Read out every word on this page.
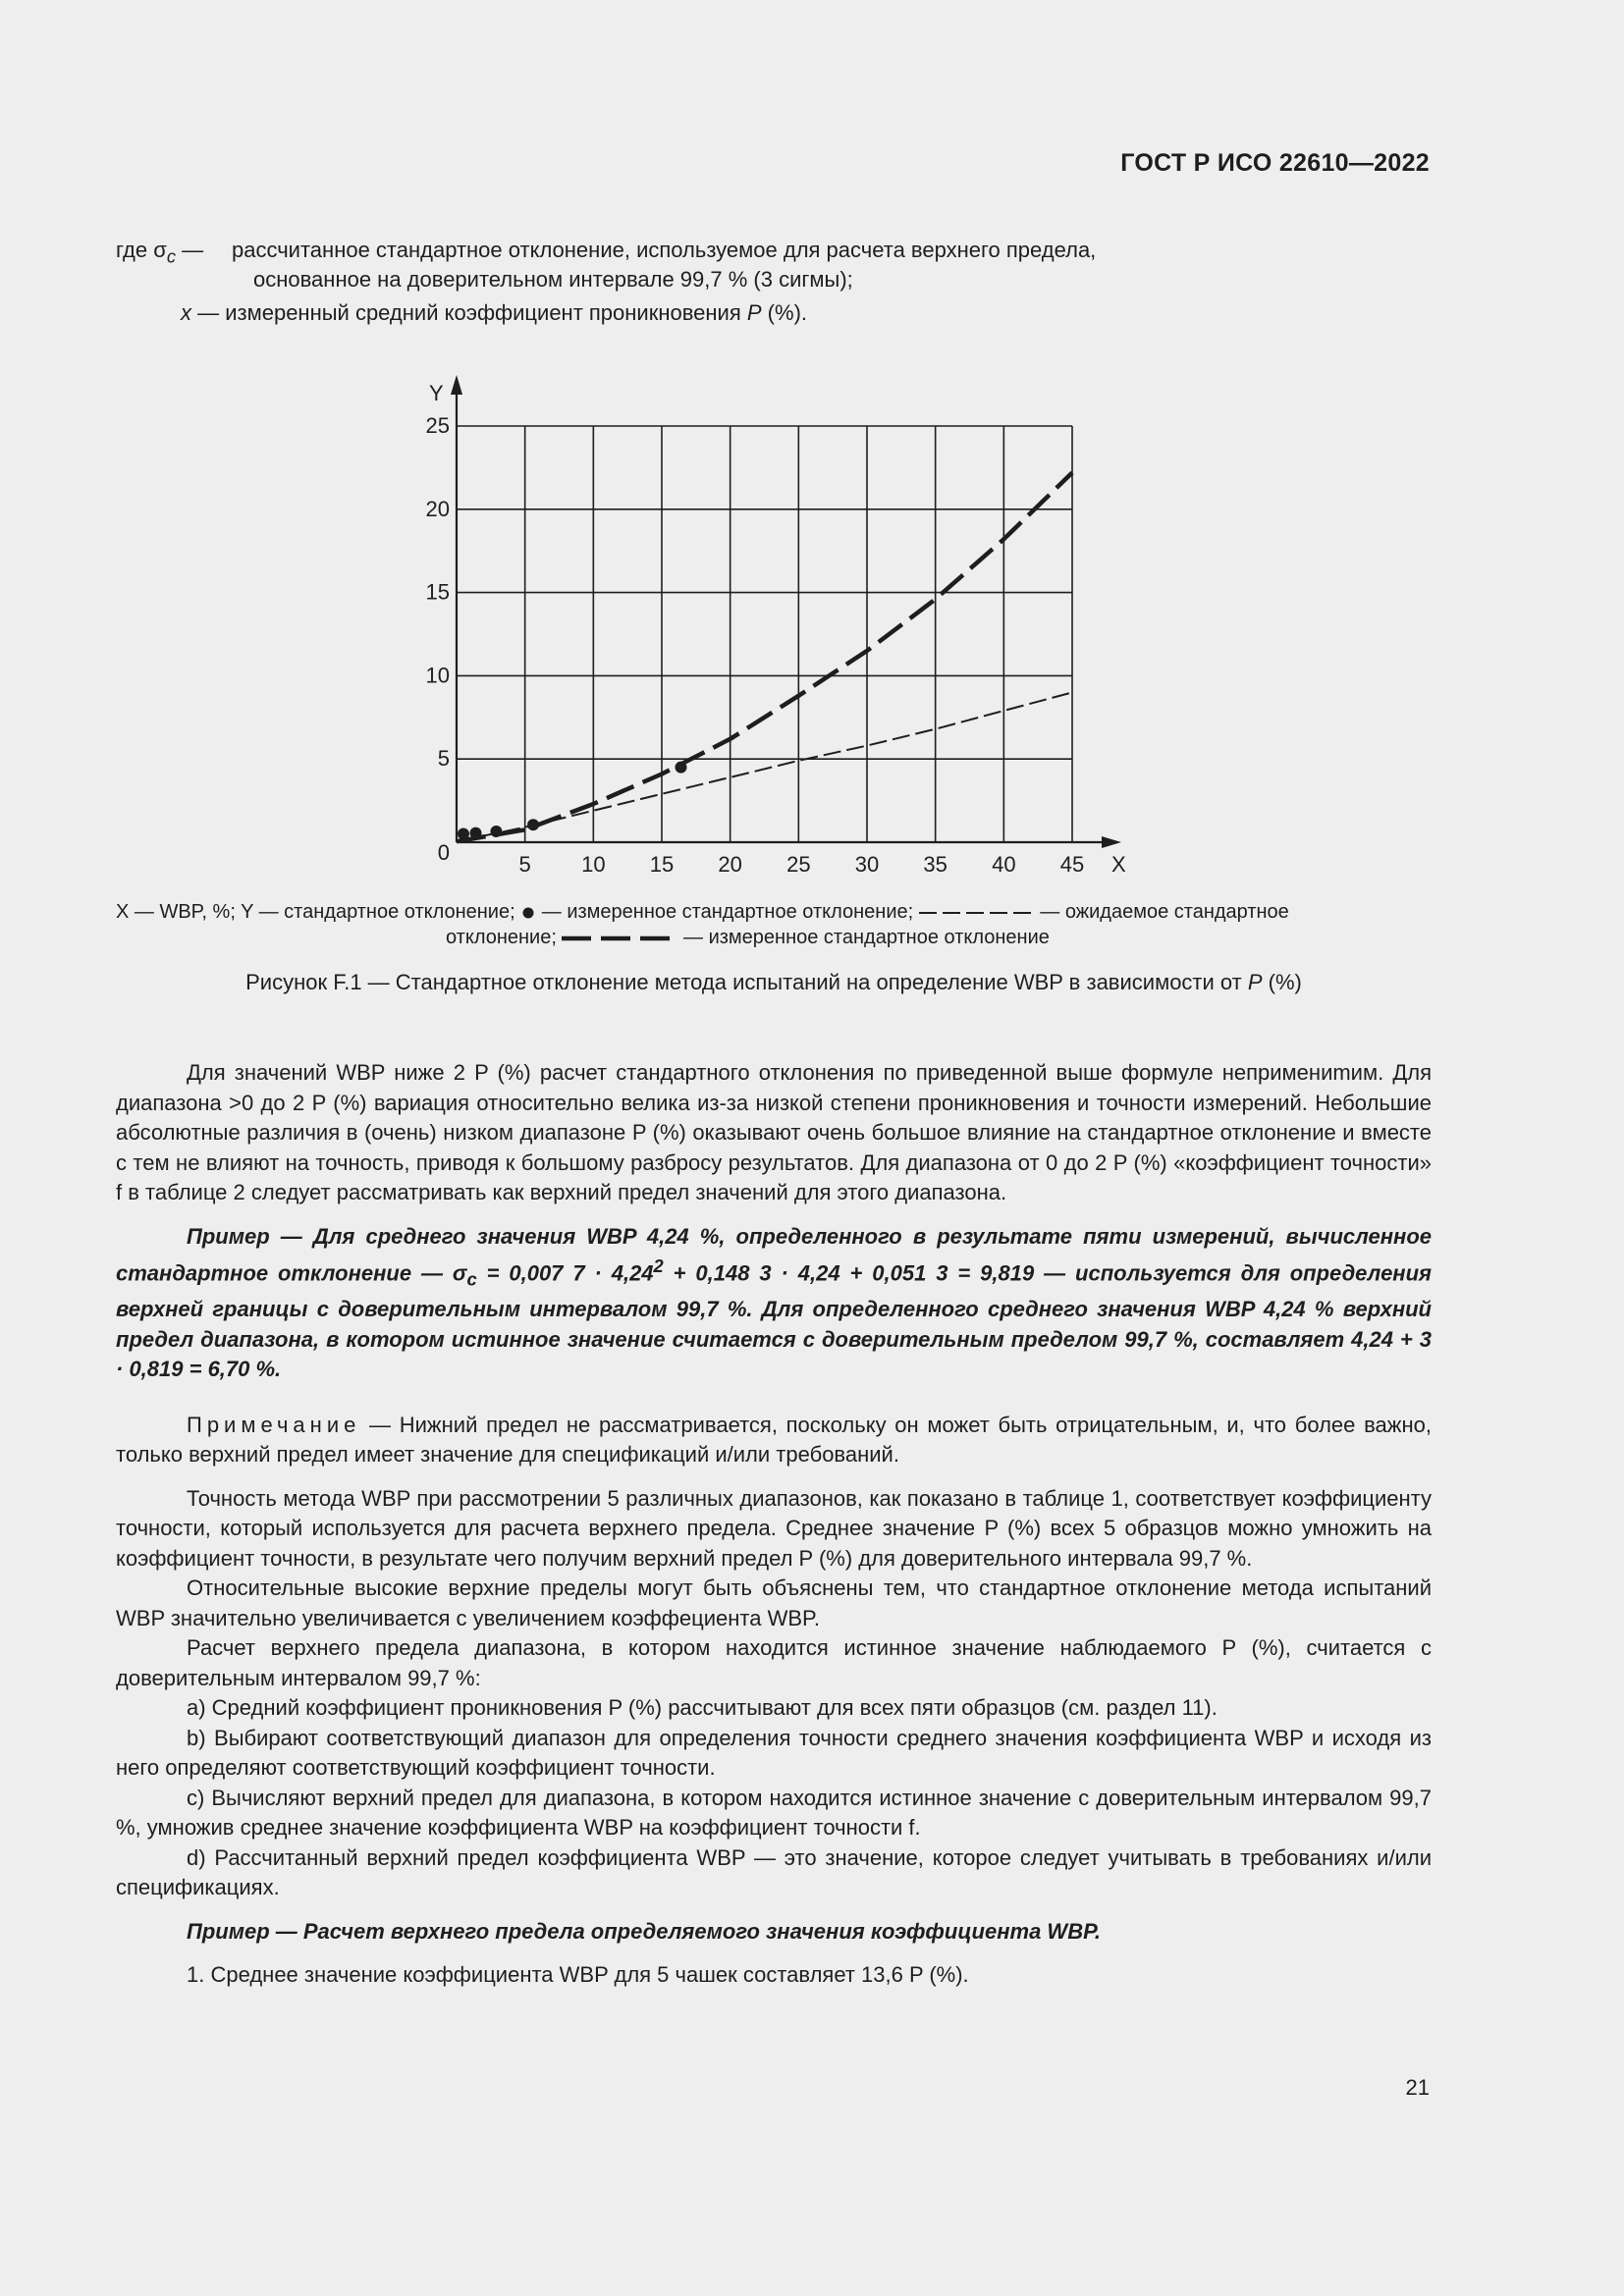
ГОСТ Р ИСО 22610—2022
где $\sigma_c$ — рассчитанное стандартное отклонение, используемое для расчета верхнего предела,
основанное на доверительном интервале 99,7 % (3 сигмы);
x — измеренный средний коэффициент проникновения P (%).
5 10 15 20 25 30 35 40 45
5
10
15
20
25
0	X
Y
X — WBP, %; Y — стандартное отклонение;  — измеренное стандартное отклонение;	— ожидаемое стандартное
отклонение;	— измеренное стандартное отклонение
Рисунок F.1 — Стандартное отклонение метода испытаний на определение WBP в зависимости от P (%)

Для значений WBP ниже 2 P (%) расчет стандартного отклонения по приведенной выше формуле непримениmим. Для диапазона >0 до 2 P (%) вариация относительно велика из-за низкой степени проникновения и точности измерений. Небольшие абсолютные различия в (очень) низком диапазоне P (%) оказывают очень большое влияние на стандартное отклонение и вместе с тем не влияют на точность, приводя к большому разбросу результатов. Для диапазона от 0 до 2 P (%) «коэффициент точности» f в таблице 2 следует рассматривать как верхний предел значений для этого диапазона.

Пример — Для среднего значения WBP 4,24 %, определенного в результате пяти измерений, вычисленное стандартное отклонение — $\sigma_c = 0,007$ $7 \cdot 4,24^2 + 0,148$ 3 · 4,24 + 0,051 3 = 9,819 — используется для определения верхней границы с доверительным интервалом 99,7 %. Для определенного среднего значения WBP 4,24 % верхний предел диапазона, в котором истинное значение считается с доверительным пределом 99,7 %, составляет 4,24 + 3 · 0,819 = 6,70 %.

Примечание — Нижний предел не рассматривается, поскольку он может быть отрицательным, и, что более важно, только верхний предел имеет значение для спецификаций и/или требований.

Точность метода WBP при рассмотрении 5 различных диапазонов, как показано в таблице 1, соответствует коэффициенту точности, который используется для расчета верхнего предела. Среднее значение P (%) всех 5 образцов можно умножить на коэффициент точности, в результате чего получим верхний предел P (%) для доверительного интервала 99,7 %.

Относительные высокие верхние пределы могут быть объяснены тем, что стандартное отклонение метода испытаний WBP значительно увеличивается с увеличением коэффециента WBP.

Расчет верхнего предела диапазона, в котором находится истинное значение наблюдаемого P (%), считается с доверительным интервалом 99,7 %:

a) Средний коэффициент проникновения P (%) рассчитывают для всех пяти образцов (см. раздел 11).

b) Выбирают соответствующий диапазон для определения точности среднего значения коэффициента WBP и исходя из него определяют соответствующий коэффициент точности.

c) Вычисляют верхний предел для диапазона, в котором находится истинное значение с доверительным интервалом 99,7 %, умножив среднее значение коэффициента WBP на коэффициент точности f.

d) Рассчитанный верхний предел коэффициента WBP — это значение, которое следует учитывать в требованиях и/или спецификациях.

Пример — Расчет верхнего предела определяемого значения коэффициента WBP.

1. Среднее значение коэффициента WBP для 5 чашек составляет 13,6 P (%).

21
